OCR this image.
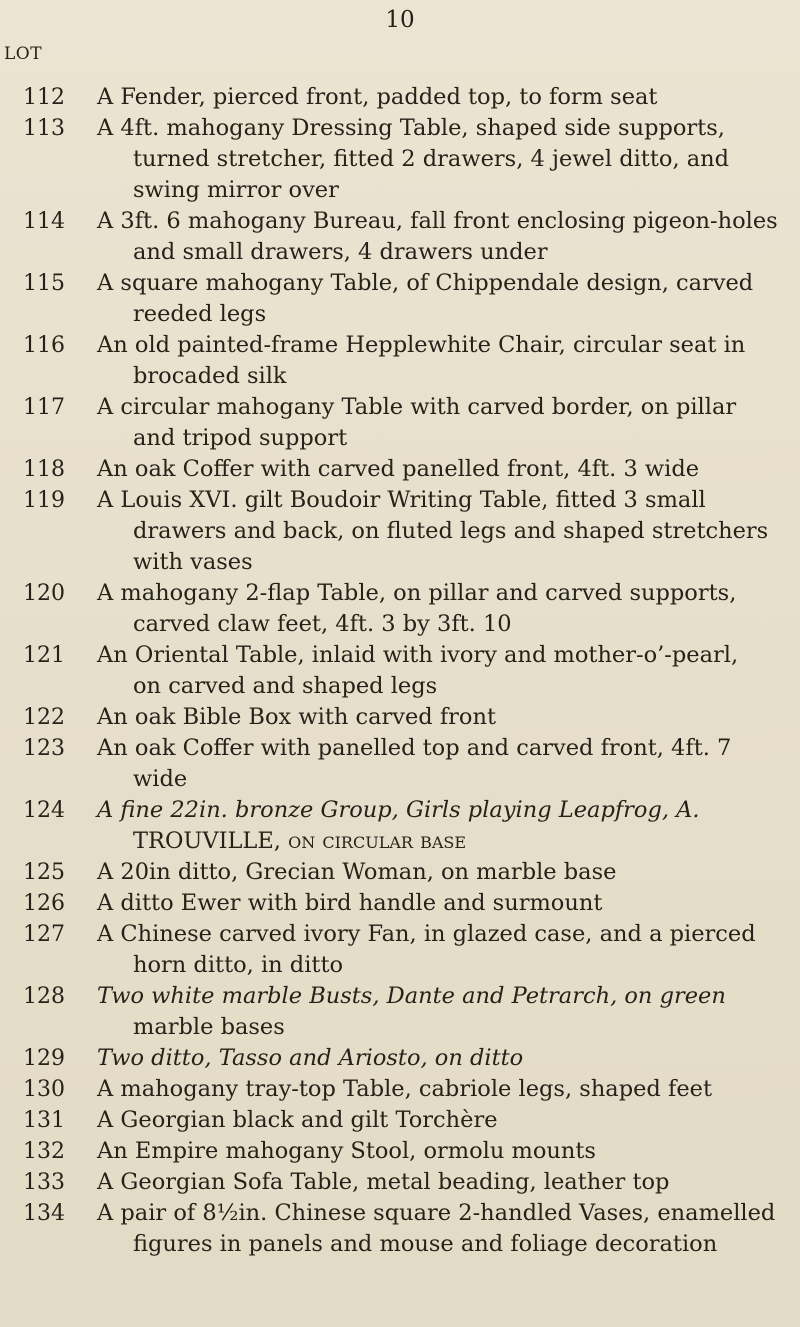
10
LOT
112	A Fender, pierced front, padded top, to form seat
113	A 4ft. mahogany Dressing Table, shaped side supports,
turned stretcher, fitted 2 drawers, 4 jewel ditto, and
swing mirror over
114	A 3ft. 6 mahogany Bureau, fall front enclosing pigeon-holes
and small drawers, 4 drawers under
115	A square mahogany Table, of Chippendale design, carved
reeded legs
116	An old painted-frame Hepplewhite Chair, circular seat in
brocaded silk
117	A circular mahogany Table with carved border, on pillar
and tripod support
118	An oak Coffer with carved panelled front, 4ft. 3 wide
119	A Louis XVI. gilt Boudoir Writing Table, fitted 3 small
drawers and back, on fluted legs and shaped stretchers
with vases
120	A mahogany 2-flap Table, on pillar and carved supports,
carved claw feet, 4ft. 3 by 3ft. 10
121	An Oriental Table, inlaid with ivory and mother-o’-pearl,
on carved and shaped legs
122	An oak Bible Box with carved front
123	An oak Coffer with panelled top and carved front, 4ft. 7
wide
124	A fine 22in. bronze Group, Girls playing Leapfrog, A.
TROUVILLE, on circular base
125	A 20in ditto, Grecian Woman, on marble base
126	A ditto Ewer with bird handle and surmount
127	A Chinese carved ivory Fan, in glazed case, and a pierced
horn ditto, in ditto
128	Two white marble Busts, Dante and Petrarch, on green
marble bases
129	Two ditto, Tasso and Ariosto, on ditto
130	A mahogany tray-top Table, cabriole legs, shaped feet
131	A Georgian black and gilt Torchère
132	An Empire mahogany Stool, ormolu mounts
133	A Georgian Sofa Table, metal beading, leather top
134	A pair of 8½in. Chinese square 2-handled Vases, enamelled
figures in panels and mouse and foliage decoration
